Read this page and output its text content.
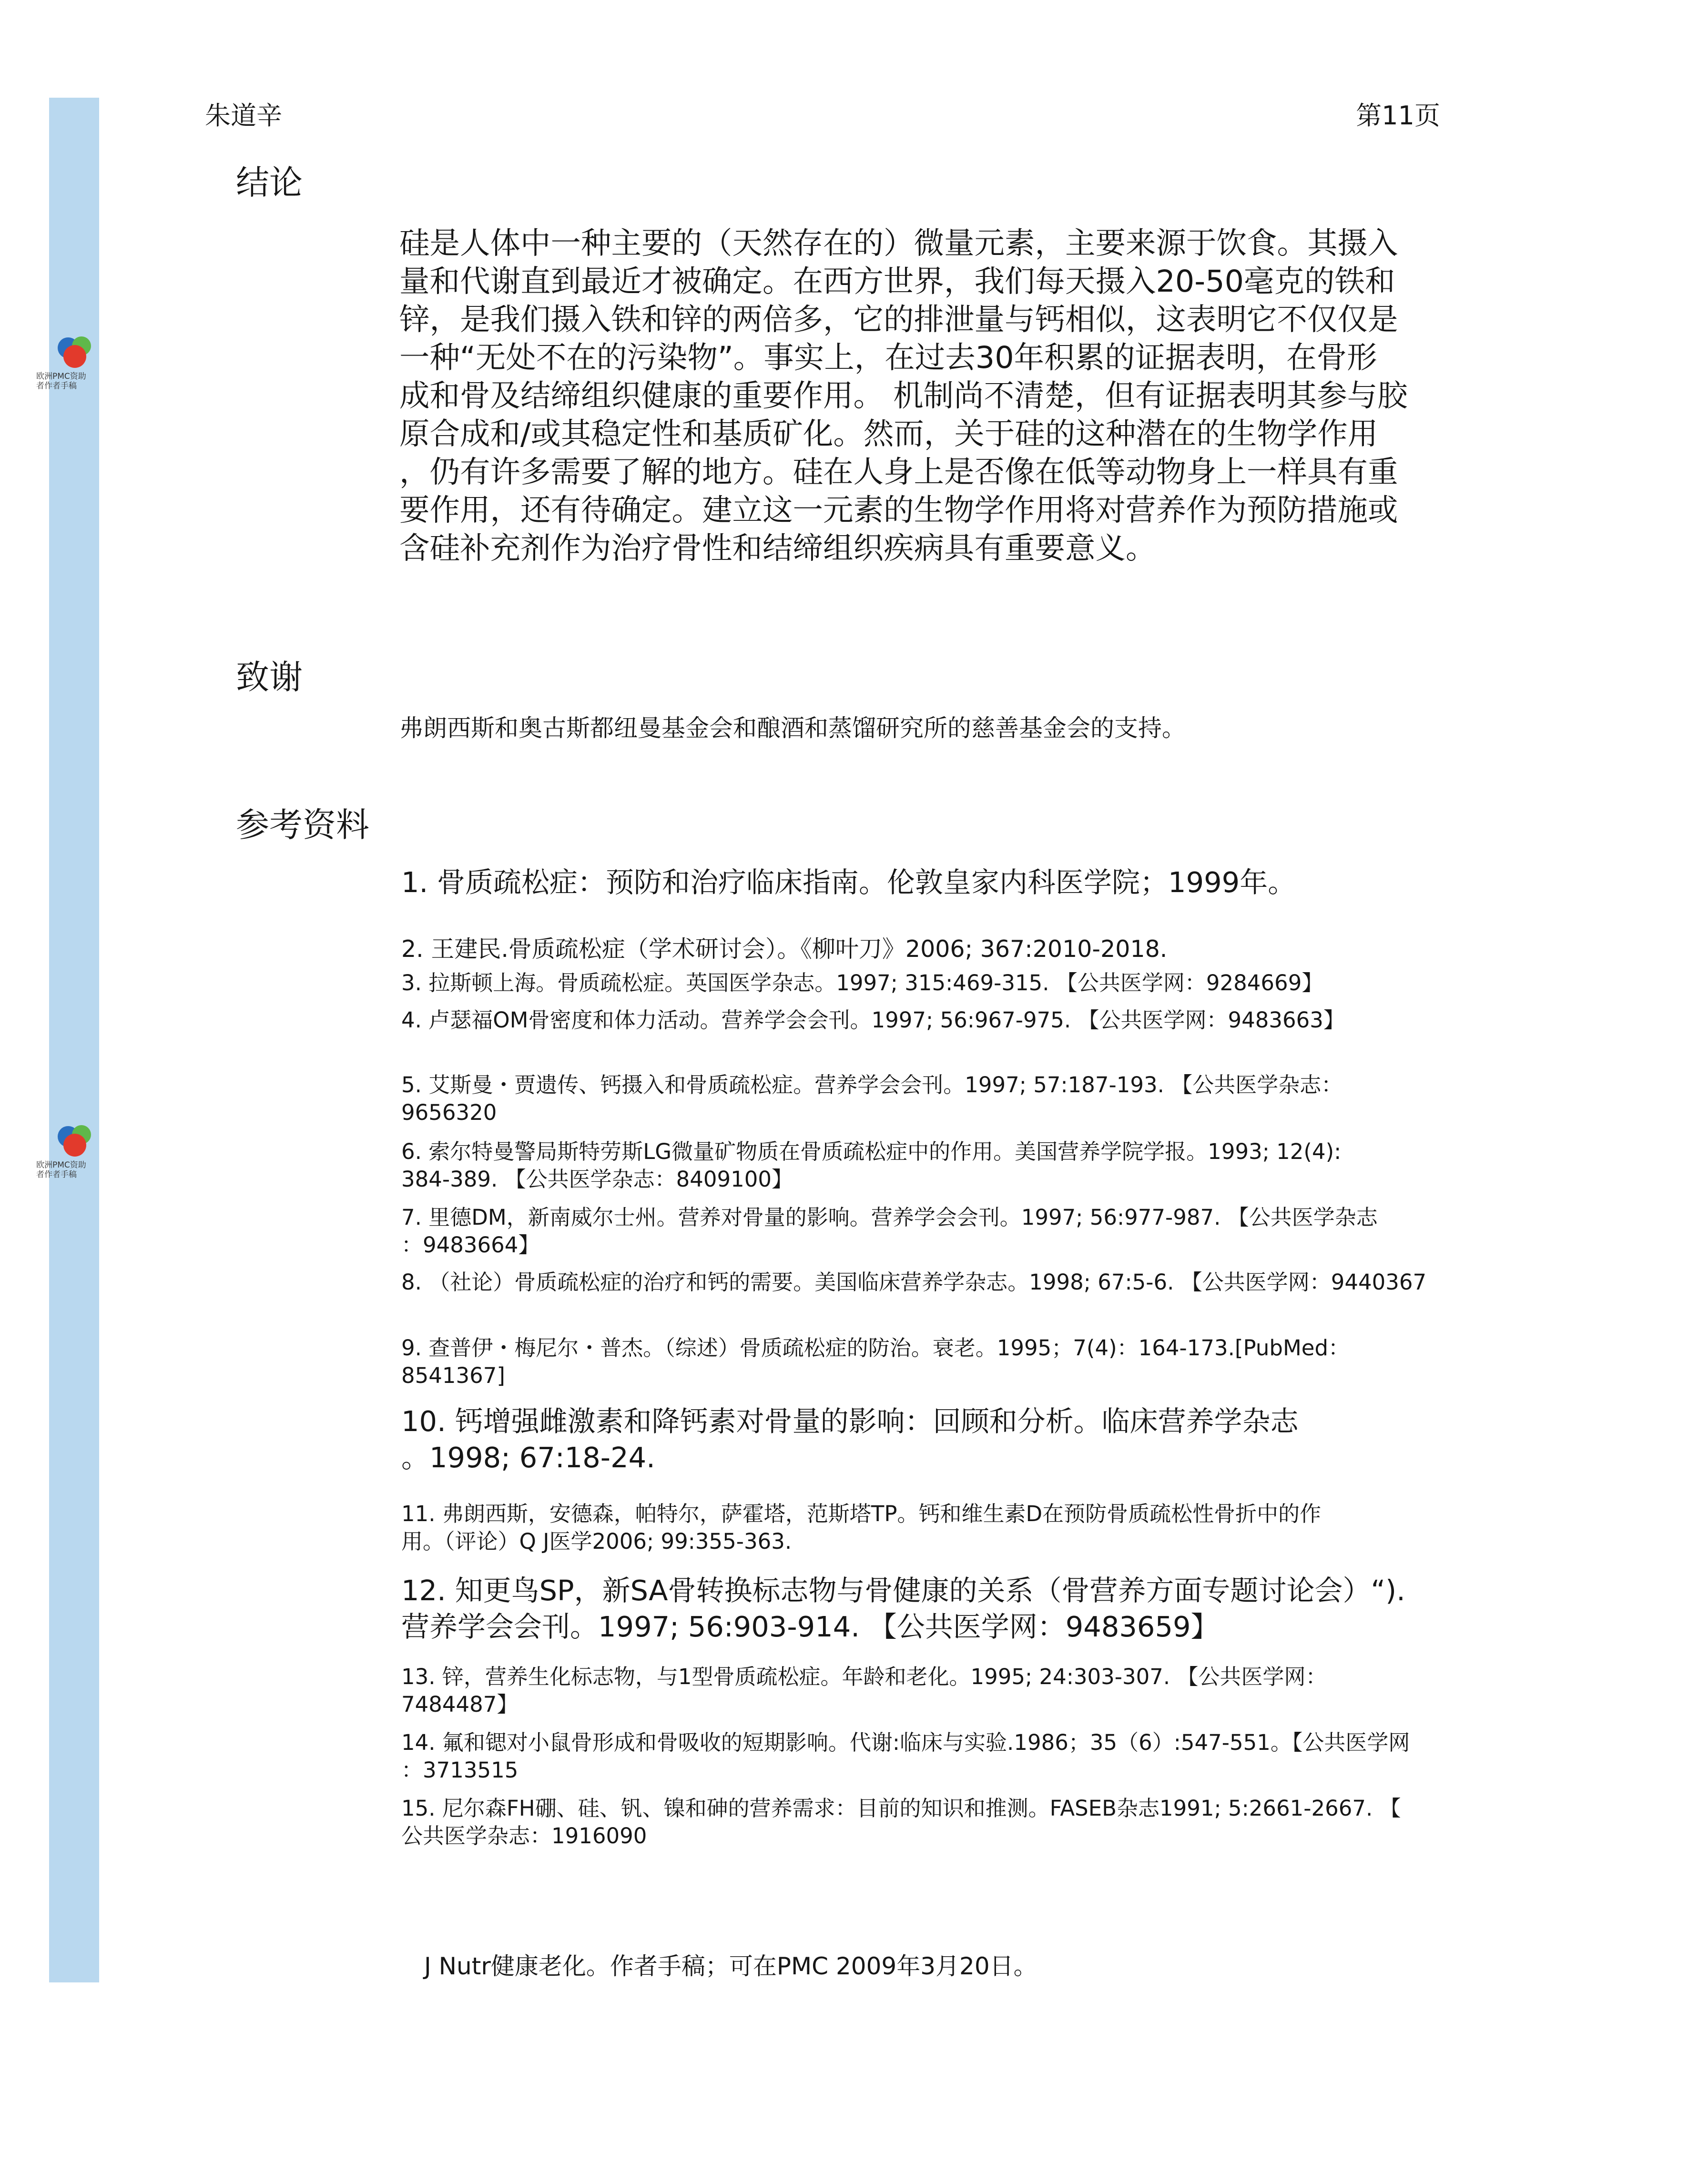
欧洲PMC资助者作者手稿
欧洲PMC资助者作者手稿
朱道辛	第11页
结论

硅是人体中一种主要的（天然存在的）微量元素，主要来源于饮食。其摄入
量和代谢直到最近才被确定。在西方世界，我们每天摄入20-50毫克的铁和
锌，是我们摄入铁和锌的两倍多，它的排泄量与钙相似，这表明它不仅仅是
一种“无处不在的污染物”。事实上，在过去30年积累的证据表明，在骨形
成和骨及结缔组织健康的重要作用。 机制尚不清楚，但有证据表明其参与胶
原合成和/或其稳定性和基质矿化。然而，关于硅的这种潜在的生物学作用
，仍有许多需要了解的地方。硅在人身上是否像在低等动物身上一样具有重
要作用，还有待确定。建立这一元素的生物学作用将对营养作为预防措施或
含硅补充剂作为治疗骨性和结缔组织疾病具有重要意义。

致谢

弗朗西斯和奥古斯都纽曼基金会和酿酒和蒸馏研究所的慈善基金会的支持。

参考资料

1. 骨质疏松症：预防和治疗临床指南。伦敦皇家内科医学院；1999年。

2. 王建民.骨质疏松症（学术研讨会）。《柳叶刀》2006; 367:2010-2018.

3. 拉斯顿上海。骨质疏松症。英国医学杂志。1997; 315:469-315. 【公共医学网：9284669】

4. 卢瑟福OM骨密度和体力活动。营养学会会刊。1997; 56:967-975. 【公共医学网：9483663】

5. 艾斯曼・贾遗传、钙摄入和骨质疏松症。营养学会会刊。1997; 57:187-193. 【公共医学杂志：
9656320

6. 索尔特曼警局斯特劳斯LG微量矿物质在骨质疏松症中的作用。美国营养学院学报。1993; 12(4):
384-389. 【公共医学杂志：8409100】

7. 里德DM，新南威尔士州。营养对骨量的影响。营养学会会刊。1997; 56:977-987. 【公共医学杂志
：9483664】

8. （社论）骨质疏松症的治疗和钙的需要。美国临床营养学杂志。1998; 67:5-6. 【公共医学网：9440367

9. 查普伊・梅尼尔・普杰。（综述）骨质疏松症的防治。衰老。1995；7(4)：164-173.[PubMed：
8541367]

10. 钙增强雌激素和降钙素对骨量的影响：回顾和分析。临床营养学杂志
。1998; 67:18-24.

11. 弗朗西斯，安德森，帕特尔，萨霍塔，范斯塔TP。钙和维生素D在预防骨质疏松性骨折中的作
用。（评论）Q J医学2006; 99:355-363.

12. 知更鸟SP，新SA骨转换标志物与骨健康的关系（骨营养方面专题讨论会）“).
营养学会会刊。1997; 56:903-914. 【公共医学网：9483659】

13. 锌，营养生化标志物，与1型骨质疏松症。年龄和老化。1995; 24:303-307. 【公共医学网：
7484487】

14. 氟和锶对小鼠骨形成和骨吸收的短期影响。代谢:临床与实验.1986；35（6）:547-551。【公共医学网
：3713515

15. 尼尔森FH硼、硅、钒、镍和砷的营养需求：目前的知识和推测。FASEB杂志1991; 5:2661-2667. 【
公共医学杂志：1916090

J Nutr健康老化。作者手稿；可在PMC 2009年3月20日。
